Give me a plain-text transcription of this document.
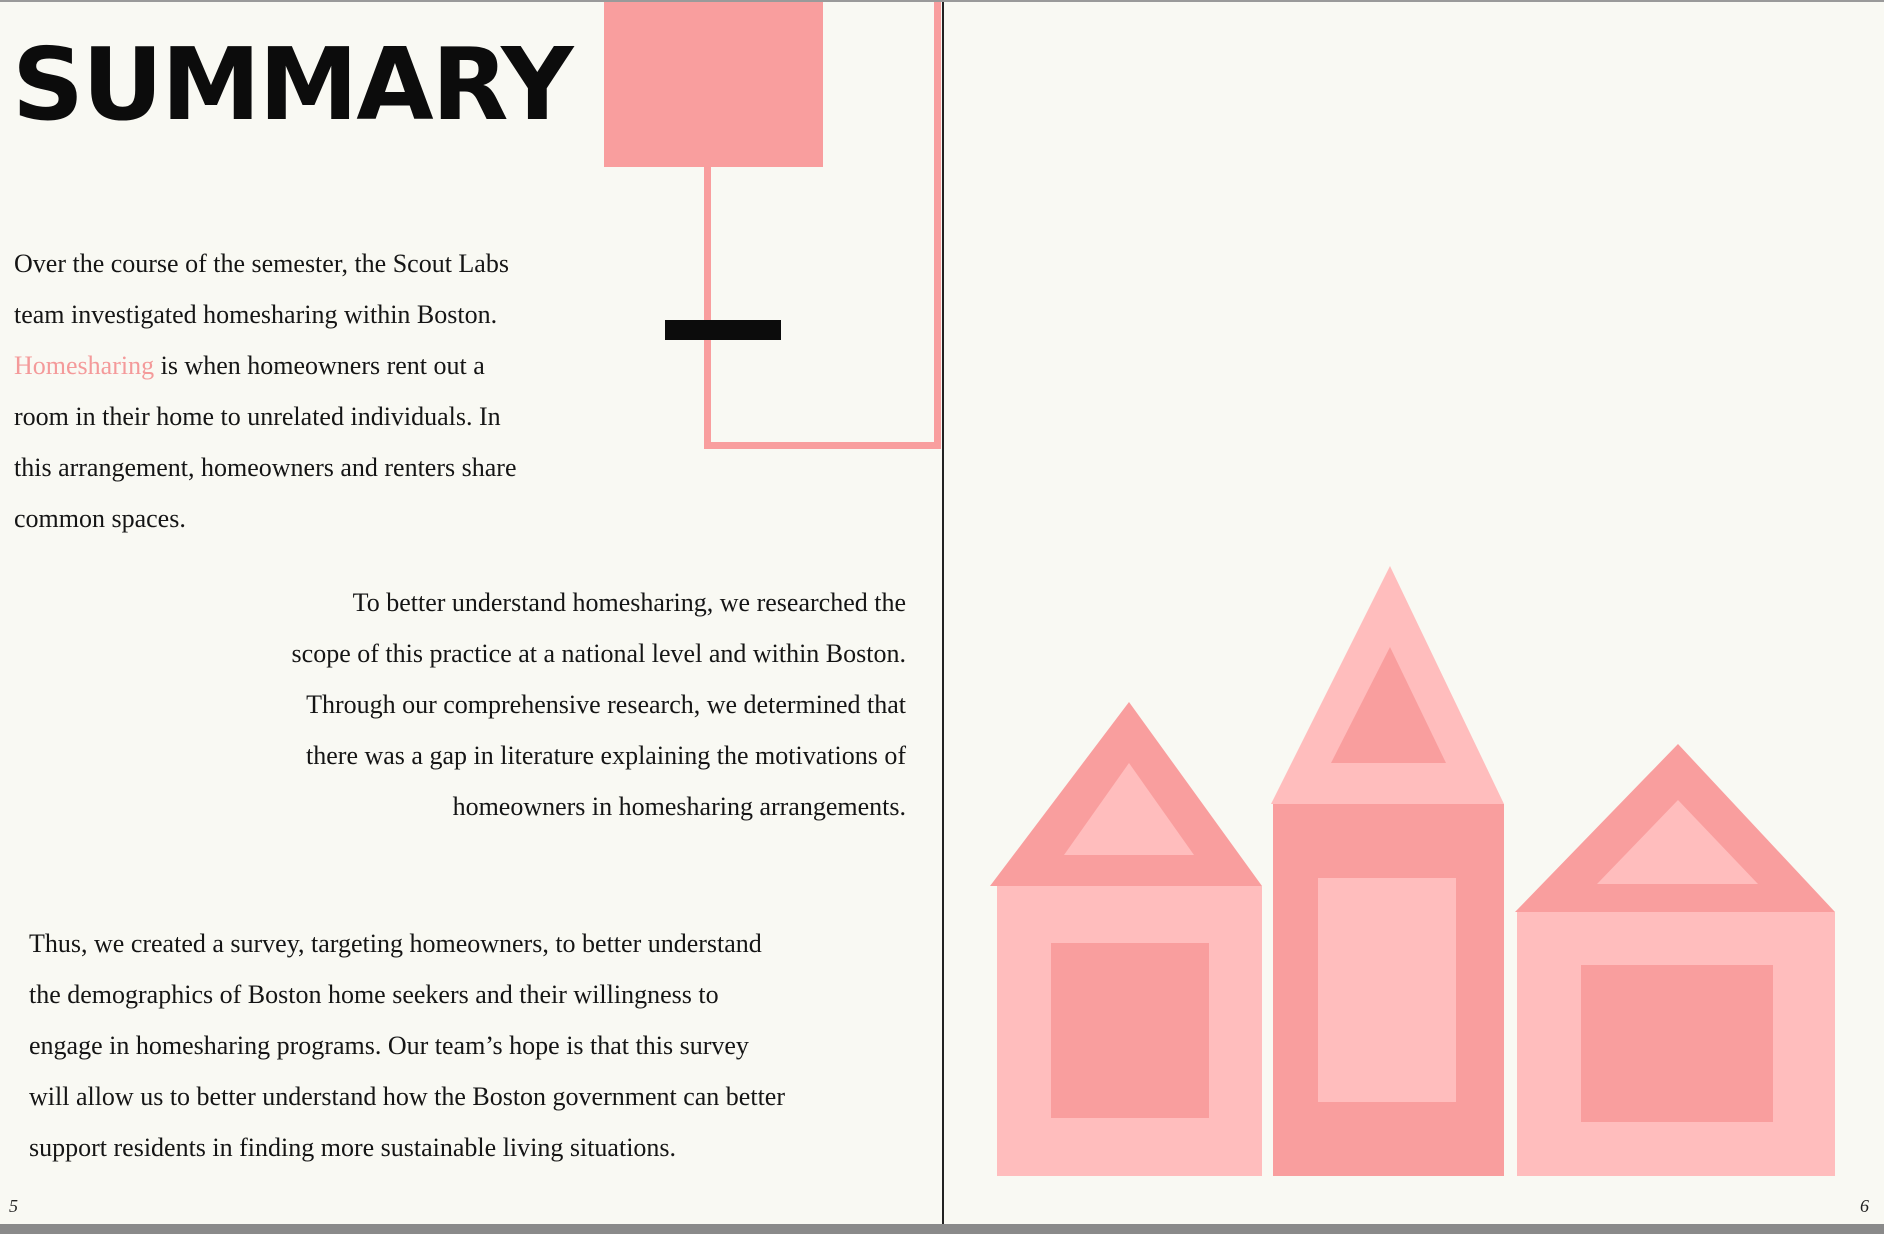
SUMMARY

Over the course of the semester, the Scout Labs
team investigated homesharing within Boston.
Homesharing is when homeowners rent out a
room in their home to unrelated individuals. In
this arrangement, homeowners and renters share
common spaces.

To better understand homesharing, we researched the
scope of this practice at a national level and within Boston.
Through our comprehensive research, we determined that
there was a gap in literature explaining the motivations of
homeowners in homesharing arrangements.

Thus, we created a survey, targeting homeowners, to better understand
the demographics of Boston home seekers and their willingness to
engage in homesharing programs. Our team’s hope is that this survey
will allow us to better understand how the Boston government can better
support residents in finding more sustainable living situations.

5	6
